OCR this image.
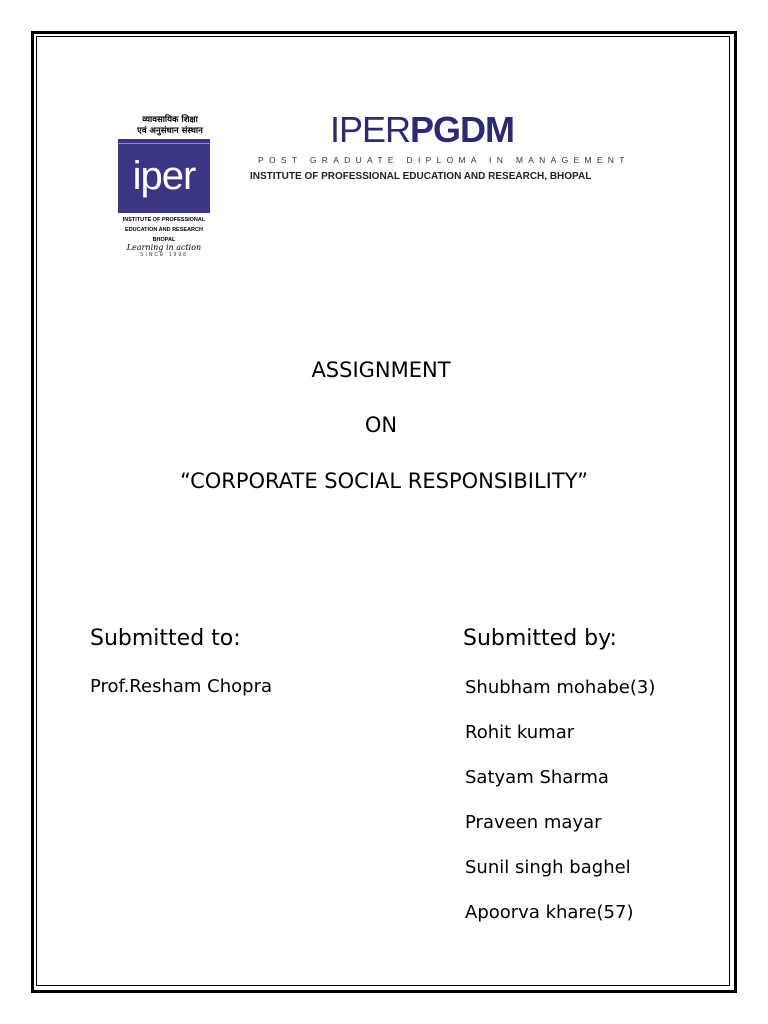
व्यावसायिक शिक्षा
एवं अनुसंधान संस्थान
iper
INSTITUTE OF PROFESSIONAL
EDUCATION AND RESEARCH
BHOPAL
Learning in action
SINCE 1998
IPERPGDM
POST GRADUATE DIPLOMA IN MANAGEMENT
INSTITUTE OF PROFESSIONAL EDUCATION AND RESEARCH, BHOPAL
ASSIGNMENT
ON
“CORPORATE SOCIAL RESPONSIBILITY”
Submitted to:	Submitted by:
Prof.Resham Chopra	Shubham mohabe(3)
Rohit kumar
Satyam Sharma
Praveen mayar
Sunil singh baghel
Apoorva khare(57)
